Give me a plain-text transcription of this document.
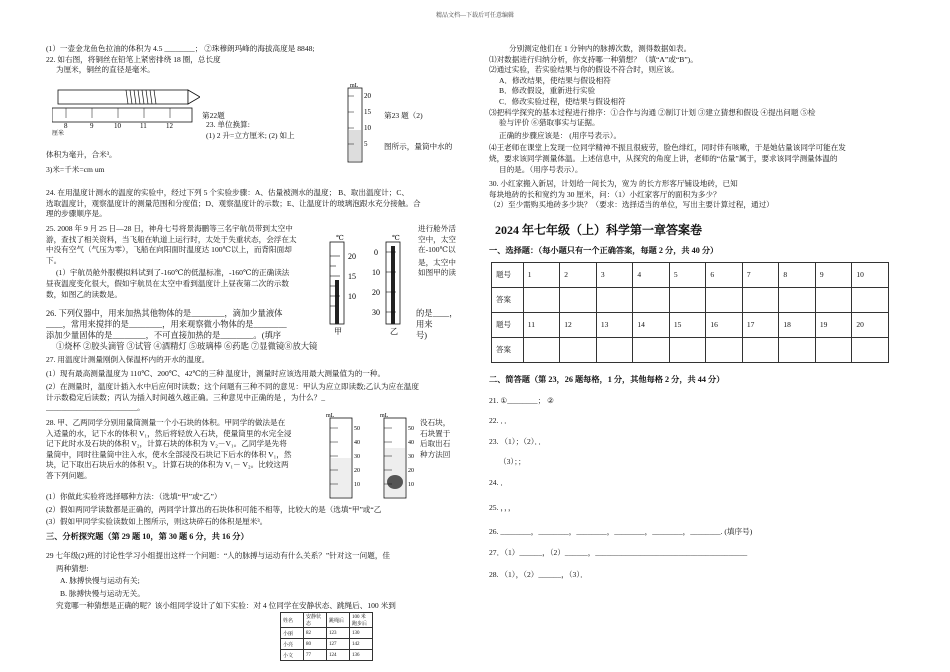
精品文档—下载后可任意编辑

(1）一壶金龙鱼色拉油的体积为 4.5 ________； ②珠穆朗玛峰的海拔高度是 8848;

22. 如右图，将铜丝在铅笔上紧密排绕 18 圈，总长度

为厘米，铜丝的直径是毫米。

8	9	10	11	12
厘米
第22题
mL
20
15
10
5
第23 题（2)

23. 单位换算:

(1) 2 升=立方厘米; (2) 如上

体积为毫升，合米³。

3)米=千米=cm um

图所示，量筒中水的

24. 在用温度计测水的温度的实验中，经过下列 5 个实验步骤：A、估量被测水的温度； B、取出温度计；C、

选取温度计，观察温度计的测量范围和分度值；D、观察温度计的示数；E、让温度计的玻璃泡跟水充分接触。合

理的步骤顺序是。

25. 2008 年 9 月 25 日—28 日，神舟七号将景海鹏等三名宇航员带到太空中

游，查找了相关资料，当飞船在轨道上运行时，太处于失重状态，会浮在太

中没有空气（气压为零），飞船在向阳面时温度达 100℃以上，而背阳面却

下。

(1）宇航员舱外服模拟料试到了-160℃的低温标准，-160℃的正确读法

昼夜温度变化很大，假如宇航员在太空中看到温度计上昼夜第二次的示数

数，如图乙的读数是。

进行舱外活

空中，太空

在-100℃以

是，太空中

如图甲的读

℃	℃
20
15
10
甲
0
10
20
30
乙

26. 下列仪器中，用来加热其他物体的是________，滴加少量液体

____，常用来搅拌的是________，用来观察微小物体的是________

添加少量固体的是________，不可直接加热的是________。(填序

①烧杯 ②胶头滴管 ③试管 ④酒精灯 ⑤玻璃棒 ⑥药匙 ⑦显微镜⑧放大镜

的是____，

用来

号)

27. 用温度计测量刚倒入保温杯内的开水的温度。

(1）现有最高测量温度为 110℃、200℃、42℃的三种 温度计，测量时应该选用最大测量值为的一种。

(2）在测量时，温度计插入水中后应何时读数；这个问题有三种不同的意见：甲认为应立即读数;乙认为应在温度

计示数稳定后读数；丙认为插入时间越久越正确。三种意见中正确的是 ，为什么？_

________________________。

28. 甲、乙两同学分别用量筒测量一个小石块的体积。甲同学的做法是在

入适量的水，记下水的体积 V₁，然后将轻放入石块，使量筒里的水完全浸

记下此时水及石块的体积 V₂，计算石块的体积为 V₂－V₁。乙同学是先将

量筒中，同时往量筒中注入水，使水全部浸没石块记下后水的体积 V₁，然

块，记下取出石块后水的体积 V₂，计算石块的体积为 V₁－ V₂。比较这两

答下列问题。

没石块，

石块置于

后取出石

种方法回

mL
50
40
30
20
10
mL
50
40
30
20
10

(1）你做此实验将选择哪种方法：（选填“甲”或“乙”）

(2）假如两同学读数都是正确的，两同学计算出的石块体积可能不相等，比较大的是（选填“甲”或“乙

(3）假如甲同学实验读数如上图所示，则这块碎石的体积是厘米³。

三、分析探究题（第 29 题 10，第 30 题 6 分，共 16 分）

29 七年级(2)班的讨论性学习小组提出这样一个问题：“人的脉搏与运动有什么关系？”针对这一问题，佳

两种猜想:

A. 脉搏快慢与运动有关;

B. 脉搏快慢与运动无关。

究竟哪一种猜想是正确的呢？该小组同学设计了如下实验：对 4 位同学在安静状态、跳绳后、100 米到

姓名	安静状态	跳绳后	100 米跑步后
小丽	82	123	130
小亮	80	127	142
小文	77	124	136

分别测定他们在 1 分钟内的脉搏次数，测得数据如表。

⑴对数据进行归纳分析，你支持哪一种猜想？（填“A”或“B”)。

⑵通过实验，若实验结果与你的假设不符合时，则应该。

A．修改结果，使结果与假设相符

B．修改假设，重新进行实验

C．修改实验过程，使结果与假设相符

⑶把科学探究的基本过程进行排序：①合作与沟通 ②制订计划 ③建立猜想和假设 ④提出问题 ⑤检

验与评价 ⑥猎取事实与证据。

正确的步骤应该是： (用序号表示）。

⑷王老师在课堂上发现一位同学精神不振且很疲劳，脸色绯红，同时伴有咳嗽，于是她估量该同学可能在发

烧，要求该同学测量体温。上述信息中，从探究的角度上讲，老师的“估量”属于，要求该同学测量体温的

目的是。（用序号表示）。

30. 小红家搬入新居，计划给一间长为，宽为 的长方形客厅铺设地砖，已知

每块地砖的长和宽约为 30 厘米，问：（1）小红家客厅的面积为多少？

（2）至少需购买地砖多少块？（要求：选择适当的单位，写出主要计算过程，通过）

2024 年七年级（上）科学第一章答案卷

一、选择题：（每小题只有一个正确答案，每题 2 分，共 40 分）

题号	1	2	3	4	5	6	7	8	9	10
答案										
题号	11	12	13	14	15	16	17	18	19	20
答案										

二、简答题（第 23，26 题每格，1 分，其他每格 2 分，共 44 分）

21. ①________； ②

22. ．．

23. （1）；（2）．．

（3）；；

24. ．

25. ，，，

26. ________，________，________，________，________，________. (填序号)

27．（1）______，（2）______，________________________________________

28. （1），（2）______，（3）．
